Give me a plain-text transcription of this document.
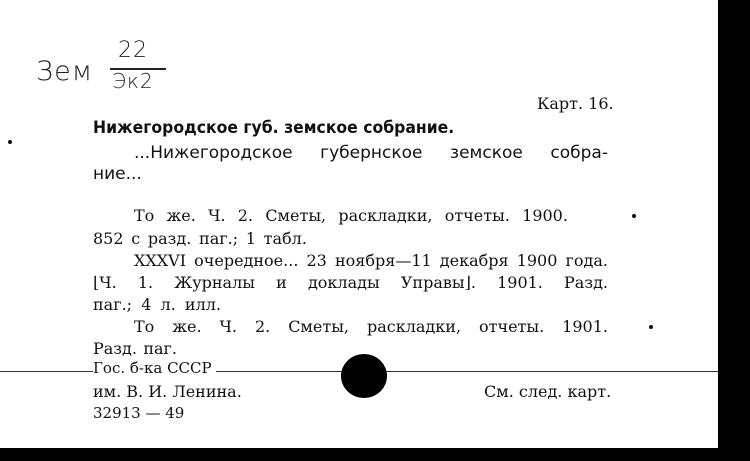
Зем
22
Эк2
Карт. 16.
Нижегородское губ. земское собрание.
...Нижегородское губернское земское собра-
ние...
То же. Ч. 2. Сметы, раскладки, отчеты. 1900.
852 с разд. паг.; 1 табл.
XXXVI очередное... 23 ноября—11 декабря 1900 года.
⌊Ч. 1. Журналы и доклады Управы⌋. 1901. Разд.
паг.; 4 л. илл.
То же. Ч. 2. Сметы, раскладки, отчеты. 1901.
Разд. паг.
Гос. б-ка СССР
им. В. И. Ленина.
32913 — 49
См. след. карт.
